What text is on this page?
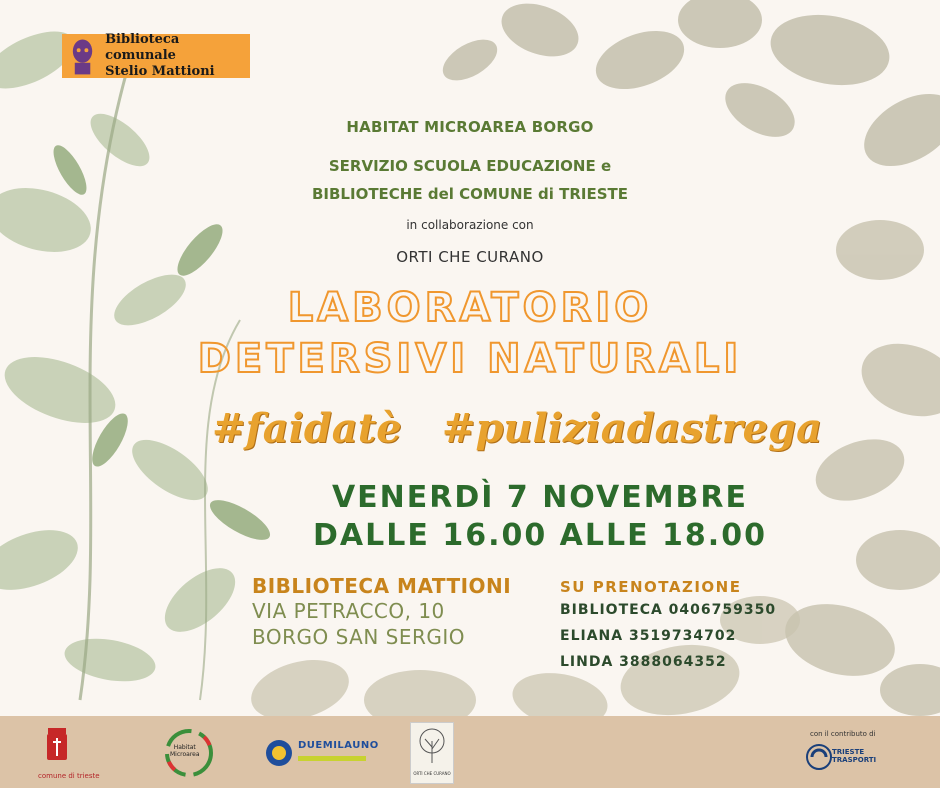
Biblioteca comunale
Stelio Mattioni
HABITAT MICROAREA BORGO
SERVIZIO SCUOLA EDUCAZIONE e
BIBLIOTECHE del COMUNE di TRIESTE
in collaborazione con
ORTI CHE CURANO
LABORATORIO
DETERSIVI NATURALI
#faidatè #puliziadastrega
VENERDÌ 7 NOVEMBRE
DALLE 16.00 ALLE 18.00
BIBLIOTECA MATTIONI
VIA PETRACCO, 10
BORGO SAN SERGIO
SU PRENOTAZIONE
BIBLIOTECA 0406759350
ELIANA 3519734702
LINDA 3888064352
comune di trieste
Habitat
Microarea
DUEMILAUNO
ORTI CHE CURANO
con il contributo di
TRIESTE
TRASPORTI
